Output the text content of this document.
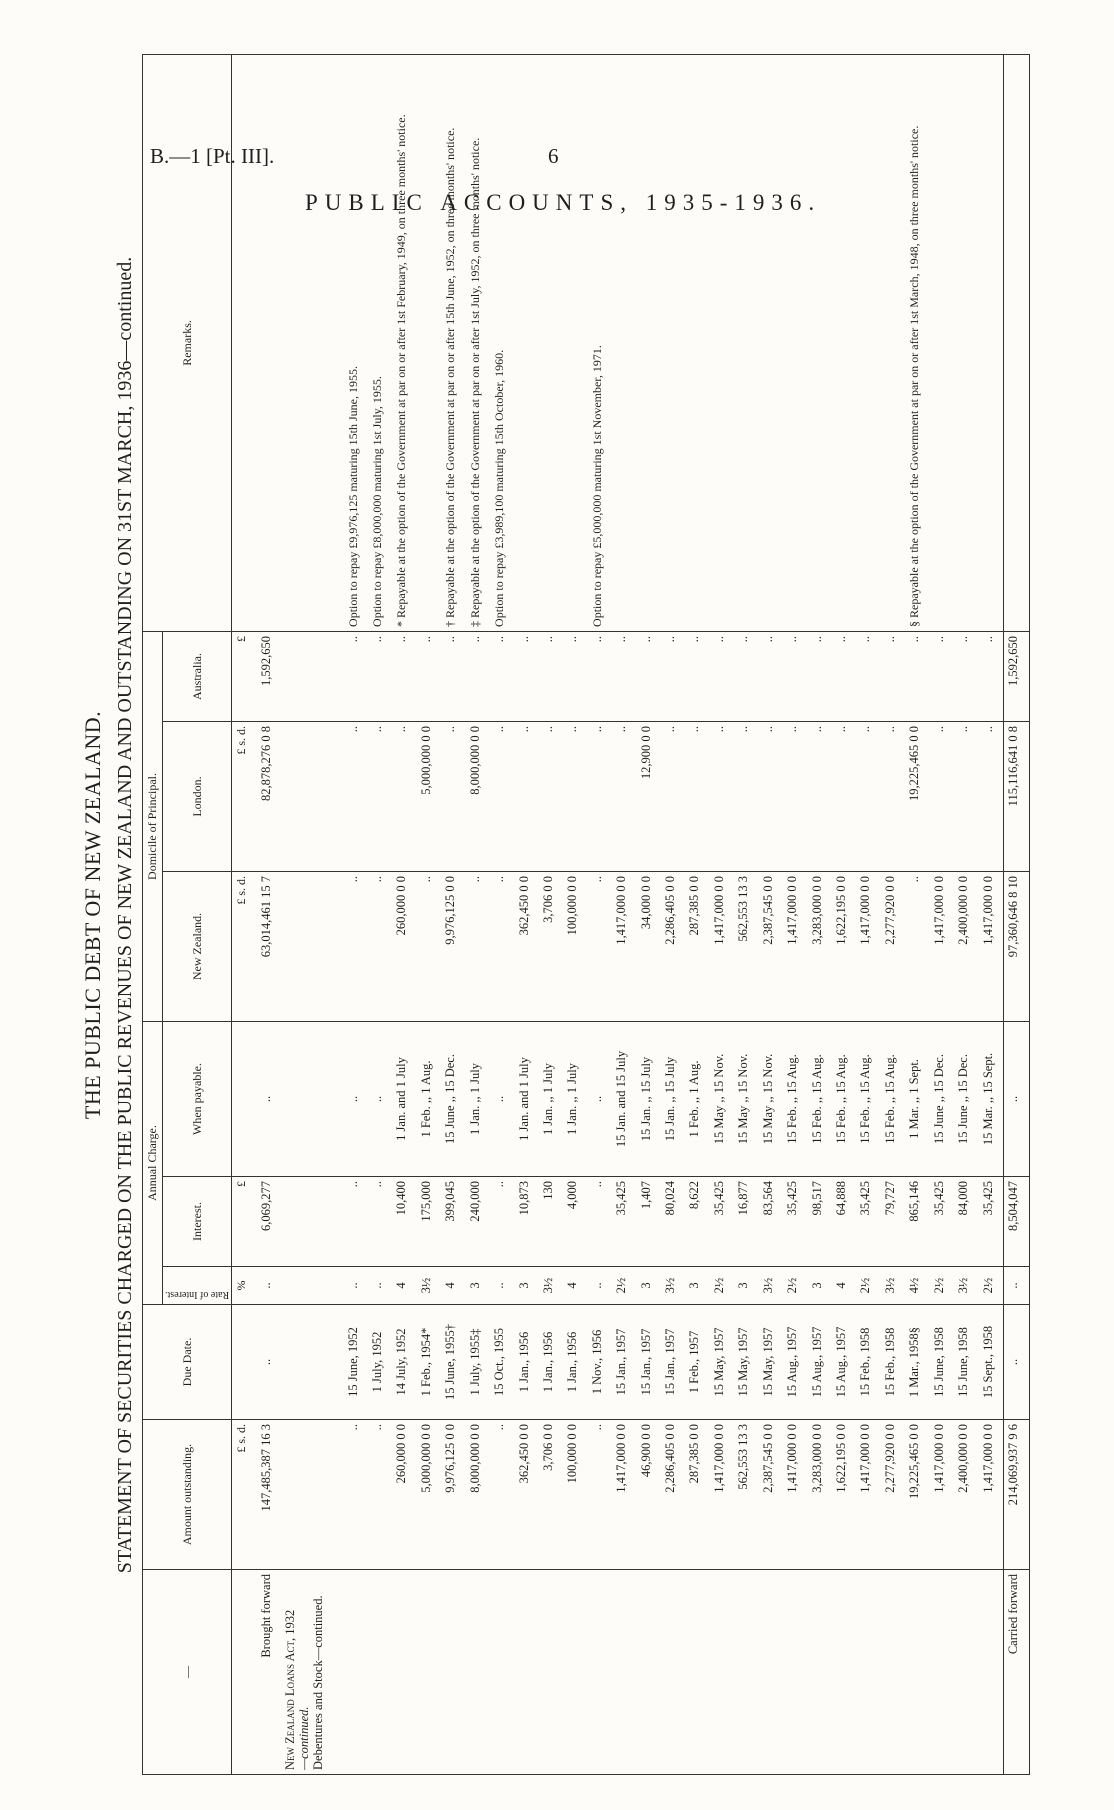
B.—1 [Pt. III].	6
PUBLIC ACCOUNTS, 1935-1936.
THE PUBLIC DEBT OF NEW ZEALAND. STATEMENT OF SECURITIES CHARGED ON THE PUBLIC REVENUES OF NEW ZEALAND AND OUTSTANDING ON 31ST MARCH, 1936—continued.
—	Amount outstanding.	Due Date.	Annual Charge.			Domicile of Principal.			Remarks.

			Rate of Interest.	Interest.	When payable.	New Zealand.	London.	Australia.	
	£ s. d.		%	£		£ s. d.	£ s. d.	£	
Brought forward	147,485,387 16 3	..	..	6,069,277	..	63,014,461 15 7	82,878,276 0 8	1,592,650	
New Zealand Loans Act, 1932
—continued.
Debentures and Stock—continued.									
	..	15 June, 1952	..	..	..	..	..	..	Option to repay £9,976,125 maturing 15th June, 1955.
	..	1 July, 1952	..	..	..	..	..	..	Option to repay £8,000,000 maturing 1st July, 1955.
	260,000 0 0	14 July, 1952	4	10,400	1 Jan. and 1 July	260,000 0 0	..	..	* Repayable at the option of the Government at par on or after 1st February, 1949, on three months' notice.
	5,000,000 0 0	1 Feb., 1954*	3½	175,000	1 Feb. ,, 1 Aug.	..	5,000,000 0 0	..	
	9,976,125 0 0	15 June, 1955†	4	399,045	15 June ,, 15 Dec.	9,976,125 0 0	..	..	† Repayable at the option of the Government at par on or after 15th June, 1952, on three months' notice.
	8,000,000 0 0	1 July, 1955‡	3	240,000	1 Jan. ,, 1 July	..	8,000,000 0 0	..	‡ Repayable at the option of the Government at par on or after 1st July, 1952, on three months' notice.
	..	15 Oct., 1955	..	..	..	..	..	..	Option to repay £3,989,100 maturing 15th October, 1960.
	362,450 0 0	1 Jan., 1956	3	10,873	1 Jan. and 1 July	362,450 0 0	..	..	
	3,706 0 0	1 Jan., 1956	3½	130	1 Jan. ,, 1 July	3,706 0 0	..	..	
	100,000 0 0	1 Jan., 1956	4	4,000	1 Jan. ,, 1 July	100,000 0 0	..	..	
	..	1 Nov., 1956	..	..	..	..	..	..	Option to repay £5,000,000 maturing 1st November, 1971.
	1,417,000 0 0	15 Jan., 1957	2½	35,425	15 Jan. and 15 July	1,417,000 0 0	..	..	
	46,900 0 0	15 Jan., 1957	3	1,407	15 Jan. ,, 15 July	34,000 0 0	12,900 0 0	..	
	2,286,405 0 0	15 Jan., 1957	3½	80,024	15 Jan. ,, 15 July	2,286,405 0 0	..	..	
	287,385 0 0	1 Feb., 1957	3	8,622	1 Feb. ,, 1 Aug.	287,385 0 0	..	..	
	1,417,000 0 0	15 May, 1957	2½	35,425	15 May ,, 15 Nov.	1,417,000 0 0	..	..	
	562,553 13 3	15 May, 1957	3	16,877	15 May ,, 15 Nov.	562,553 13 3	..	..	
	2,387,545 0 0	15 May, 1957	3½	83,564	15 May ,, 15 Nov.	2,387,545 0 0	..	..	
	1,417,000 0 0	15 Aug., 1957	2½	35,425	15 Feb. ,, 15 Aug.	1,417,000 0 0	..	..	
	3,283,000 0 0	15 Aug., 1957	3	98,517	15 Feb. ,, 15 Aug.	3,283,000 0 0	..	..	
	1,622,195 0 0	15 Aug., 1957	4	64,888	15 Feb. ,, 15 Aug.	1,622,195 0 0	..	..	
	1,417,000 0 0	15 Feb., 1958	2½	35,425	15 Feb. ,, 15 Aug.	1,417,000 0 0	..	..	
	2,277,920 0 0	15 Feb., 1958	3½	79,727	15 Feb. ,, 15 Aug.	2,277,920 0 0	..	..	
	19,225,465 0 0	1 Mar., 1958§	4½	865,146	1 Mar. ,, 1 Sept.	..	19,225,465 0 0	..	§ Repayable at the option of the Government at par on or after 1st March, 1948, on three months' notice.
	1,417,000 0 0	15 June, 1958	2½	35,425	15 June ,, 15 Dec.	1,417,000 0 0	..	..	
	2,400,000 0 0	15 June, 1958	3½	84,000	15 June ,, 15 Dec.	2,400,000 0 0	..	..	
	1,417,000 0 0	15 Sept., 1958	2½	35,425	15 Mar. ,, 15 Sept.	1,417,000 0 0	..	..	
Carried forward	214,069,937 9 6	..	..	8,504,047	..	97,360,646 8 10	115,116,641 0 8	1,592,650	
